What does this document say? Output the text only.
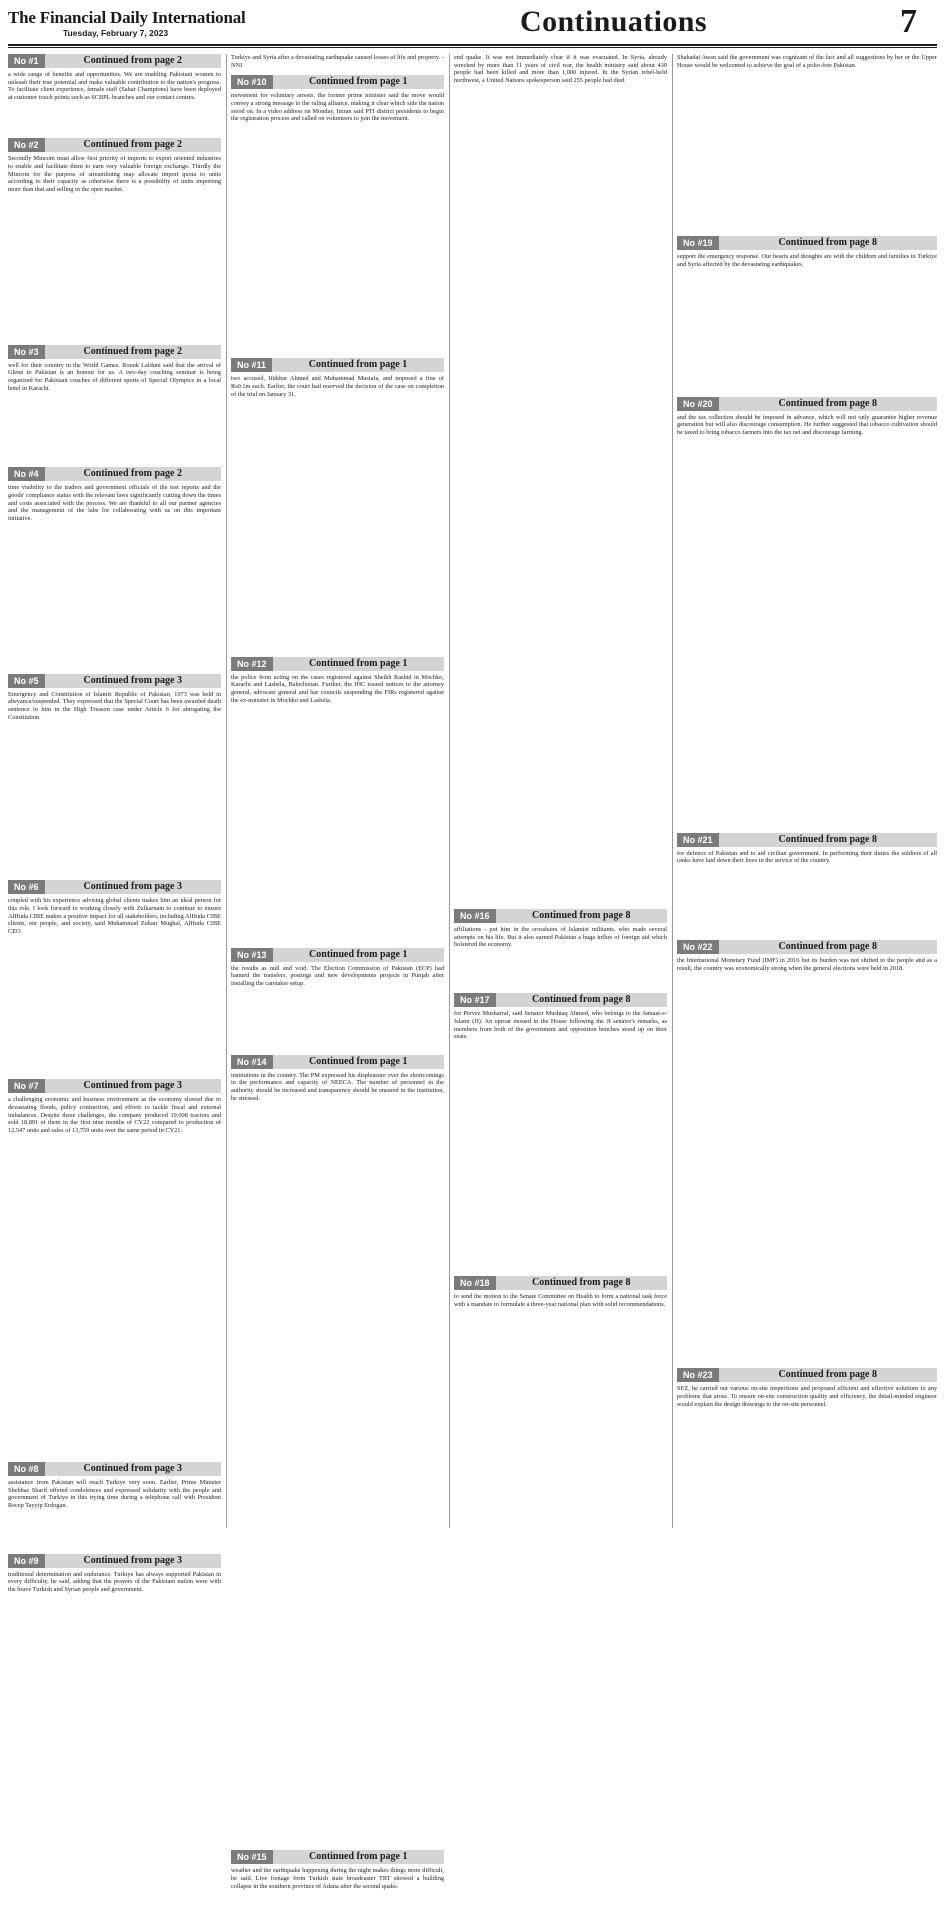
The Financial Daily International
Tuesday, February 7, 2023	Continuations	7
No #1	Continued from page 2
a wide range of benefits and opportunities. We are enabling Pakistani women to unleash their true potential and make valuable contribution to the nation's progress. To facilitate client experience, female staff (Sahar Champions) have been deployed at customer touch points such as SCBPL branches and our contact centres.
No #2	Continued from page 2
Secondly Mincom must allow first priority of imports to export oriented industries to enable and facilitate them to earn very valuable foreign exchange. Thirdly the Mincom for the purpose of streamlining may allocate import quota to units according to their capacity as otherwise there is a possibility of units importing more than that and selling in the open market.
No #3	Continued from page 2
well for their country in the World Games. Rouuk Lalduni said that the arrival of Glenn to Pakistan is an honour for us. A two-day coaching seminar is being organized for Pakistani coaches of different sports of Special Olympics in a local hotel in Karachi.
No #4	Continued from page 2
time visibility to the traders and government officials of the test reports and the goods' compliance status with the relevant laws significantly cutting down the times and costs associated with the process. We are thankful to all our partner agencies and the management of the labs for collaborating with us on this important initiative.
No #5	Continued from page 3
Emergency and Constitution of Islamic Republic of Pakistan, 1973 was held in abeyance/suspended. They expressed that the Special Court has been awarded death sentence to him in the High Treason case under Article 6 for abrogating the Constitution.
No #6	Continued from page 3
coupled with his experience advising global clients makes him an ideal person for this role. I look forward to working closely with Zulkarnain to continue to ensure AlHuda CIBE makes a positive impact for all stakeholders, including AlHuda CIBE clients, our people, and society, said Muhammad Zubair Mughal, AlHuda CIBE CEO.
No #7	Continued from page 3
a challenging economic and business environment as the economy slowed due to devastating floods, policy contraction, and efforts to tackle fiscal and external imbalances. Despite these challenges, the company produced 19,008 tractors and sold 18,891 of them in the first nine months of CY22 compared to production of 12,547 units and sales of 13,759 units over the same period in CY21.
No #8	Continued from page 3
assistance from Pakistan will reach Turkiye very soon. Earlier, Prime Minister Shehbaz Sharif offered condolences and expressed solidarity with the people and government of Turkiye in this trying time during a telephone call with President Recep Tayyip Erdogan.
No #9	Continued from page 3
traditional determination and endurance. Turkiye has always supported Pakistan in every difficulty, he said, adding that the prayers of the Pakistani nation were with the brave Turkish and Syrian people and government.
Turkiye and Syria after a devastating earthquake caused losses of life and property. - NNI
No #10	Continued from page 1
movement for voluntary arrests, the former prime minister said the move would convey a strong message to the ruling alliance, making it clear which side the nation stood on. In a video address on Monday, Imran said PTI district presidents to begin the registration process and called on volunteers to join the movement.
No #11	Continued from page 1
two accused, Iftikhar Ahmed and Muhammad Mustafa, and imposed a fine of Rs0.1m each. Earlier, the court had reserved the decision of the case on completion of the trial on January 31.
No #12	Continued from page 1
the police from acting on the cases registered against Sheikh Rashid in Mochko, Karachi and Lasbela, Balochistan. Further, the IHC issued notices to the attorney general, advocate general and bar councils suspending the FIRs registered against the ex-minister in Mochko and Lasbela.
No #13	Continued from page 1
the results as null and void. The Election Commission of Pakistan (ECP) had banned the transfers, postings and new developments projects in Punjab after installing the caretaker setup.
No #14	Continued from page 1
institutions in the country. The PM expressed his displeasure over the shortcomings in the performance and capacity of NEECA. The number of personnel in the authority should be increased and transparency should be ensured in the institution, he stressed.
No #15	Continued from page 1
weather and the earthquake happening during the night makes things more difficult, he said. Live footage from Turkish state broadcaster TRT showed a building collapse in the southern province of Adana after the second quake.
end quake. It was not immediately clear if it was evacuated. In Syria, already wrecked by more than 11 years of civil war, the health ministry said about 430 people had been killed and more than 1,000 injured. In the Syrian rebel-held northwest, a United Nations spokesperson said 255 people had died.
No #16	Continued from page 8
affiliations - put him in the crosshairs of Islamist militants, who made several attempts on his life. But it also earned Pakistan a huge influx of foreign aid which bolstered the economy.
No #17	Continued from page 8
for Pervez Musharraf, said Senator Mushtaq Ahmed, who belongs to the Jamaat-e-Islami (JI). An uproar ensued in the House following the JI senator's remarks, as members from both of the government and opposition benches stood up on their seats.
No #18	Continued from page 8
to send the motion to the Senate Committee on Health to form a national task force with a mandate to formulate a three-year national plan with solid recommendations.
Shahadat Awan said the government was cognizant of the fact and all suggestions by her or the Upper House would be welcomed to achieve the goal of a polio-free Pakistan.
No #19	Continued from page 8
support the emergency response. Our hearts and thoughts are with the children and families in Turkiye and Syria affected by the devastating earthquakes.
No #20	Continued from page 8
and the tax collection should be imposed in advance, which will not only guarantee higher revenue generation but will also discourage consumption. He further suggested that tobacco cultivation should be taxed to bring tobacco farmers into the tax net and discourage farming.
No #21	Continued from page 8
for defence of Pakistan and to aid civilian government. In performing their duties the soldiers of all ranks have laid down their lives in the service of the country.
No #22	Continued from page 8
the International Monetary Fund (IMF) in 2016 but its burden was not shifted to the people and as a result, the country was economically strong when the general elections were held in 2018.
No #23	Continued from page 8
SEZ, he carried out various on-site inspections and proposed efficient and effective solutions to any problems that arose. To ensure on-site construction quality and efficiency, the detail-minded engineer would explain the design drawings to the on-site personnel.
